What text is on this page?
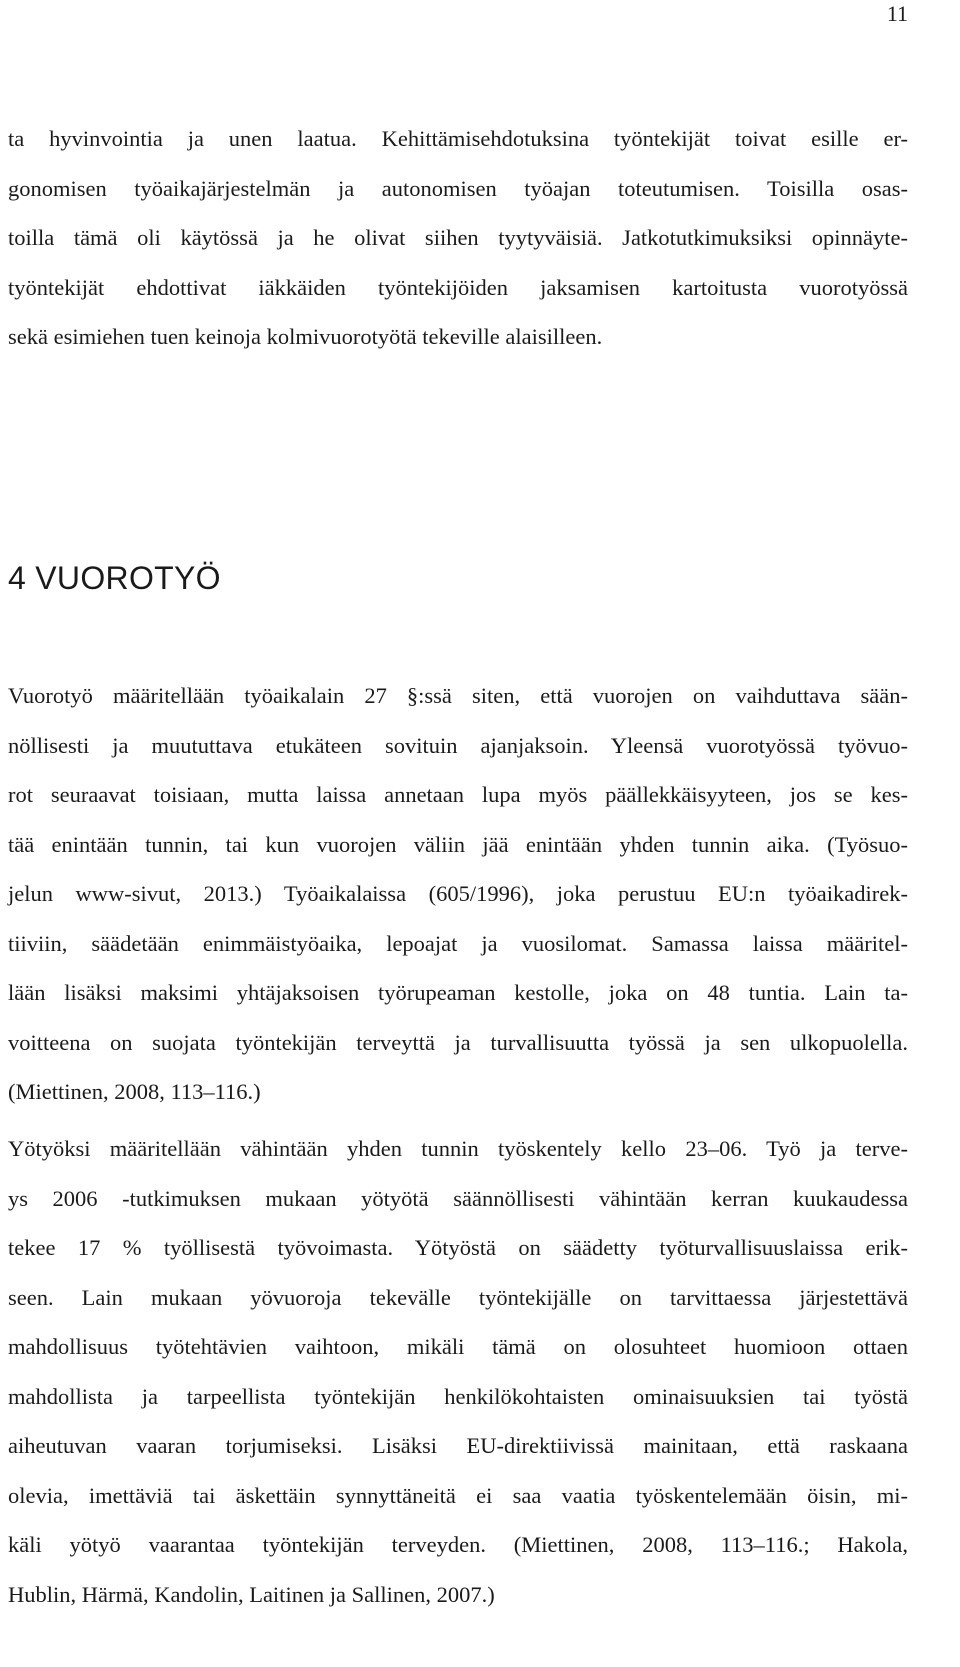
11
ta hyvinvointia ja unen laatua. Kehittämisehdotuksina työntekijät toivat esille er-
gonomisen työaikajärjestelmän ja autonomisen työajan toteutumisen. Toisilla osas-
toilla tämä oli käytössä ja he olivat siihen tyytyväisiä. Jatkotutkimuksiksi opinnäyte-
työntekijät ehdottivat iäkkäiden työntekijöiden jaksamisen kartoitusta vuorotyössä
sekä esimiehen tuen keinoja kolmivuorotyötä tekeville alaisilleen.
4 VUOROTYÖ
Vuorotyö määritellään työaikalain 27 §:ssä siten, että vuorojen on vaihduttava sään-
nöllisesti ja muututtava etukäteen sovituin ajanjaksoin. Yleensä vuorotyössä työvuo-
rot seuraavat toisiaan, mutta laissa annetaan lupa myös päällekkäisyyteen, jos se kes-
tää enintään tunnin, tai kun vuorojen väliin jää enintään yhden tunnin aika. (Työsuo-
jelun www-sivut, 2013.) Työaikalaissa (605/1996), joka perustuu EU:n työaikadirek-
tiiviin, säädetään enimmäistyöaika, lepoajat ja vuosilomat. Samassa laissa määritel-
lään lisäksi maksimi yhtäjaksoisen työrupeaman kestolle, joka on 48 tuntia. Lain ta-
voitteena on suojata työntekijän terveyttä ja turvallisuutta työssä ja sen ulkopuolella.
(Miettinen, 2008, 113–116.)
Yötyöksi määritellään vähintään yhden tunnin työskentely kello 23–06. Työ ja terve-
ys 2006 -tutkimuksen mukaan yötyötä säännöllisesti vähintään kerran kuukaudessa
tekee 17 % työllisestä työvoimasta. Yötyöstä on säädetty työturvallisuuslaissa erik-
seen. Lain mukaan yövuoroja tekevälle työntekijälle on tarvittaessa järjestettävä
mahdollisuus työtehtävien vaihtoon, mikäli tämä on olosuhteet huomioon ottaen
mahdollista ja tarpeellista työntekijän henkilökohtaisten ominaisuuksien tai työstä
aiheutuvan vaaran torjumiseksi. Lisäksi EU-direktiivissä mainitaan, että raskaana
olevia, imettäviä tai äskettäin synnyttäneitä ei saa vaatia työskentelemään öisin, mi-
käli yötyö vaarantaa työntekijän terveyden. (Miettinen, 2008, 113–116.; Hakola,
Hublin, Härmä, Kandolin, Laitinen ja Sallinen, 2007.)
